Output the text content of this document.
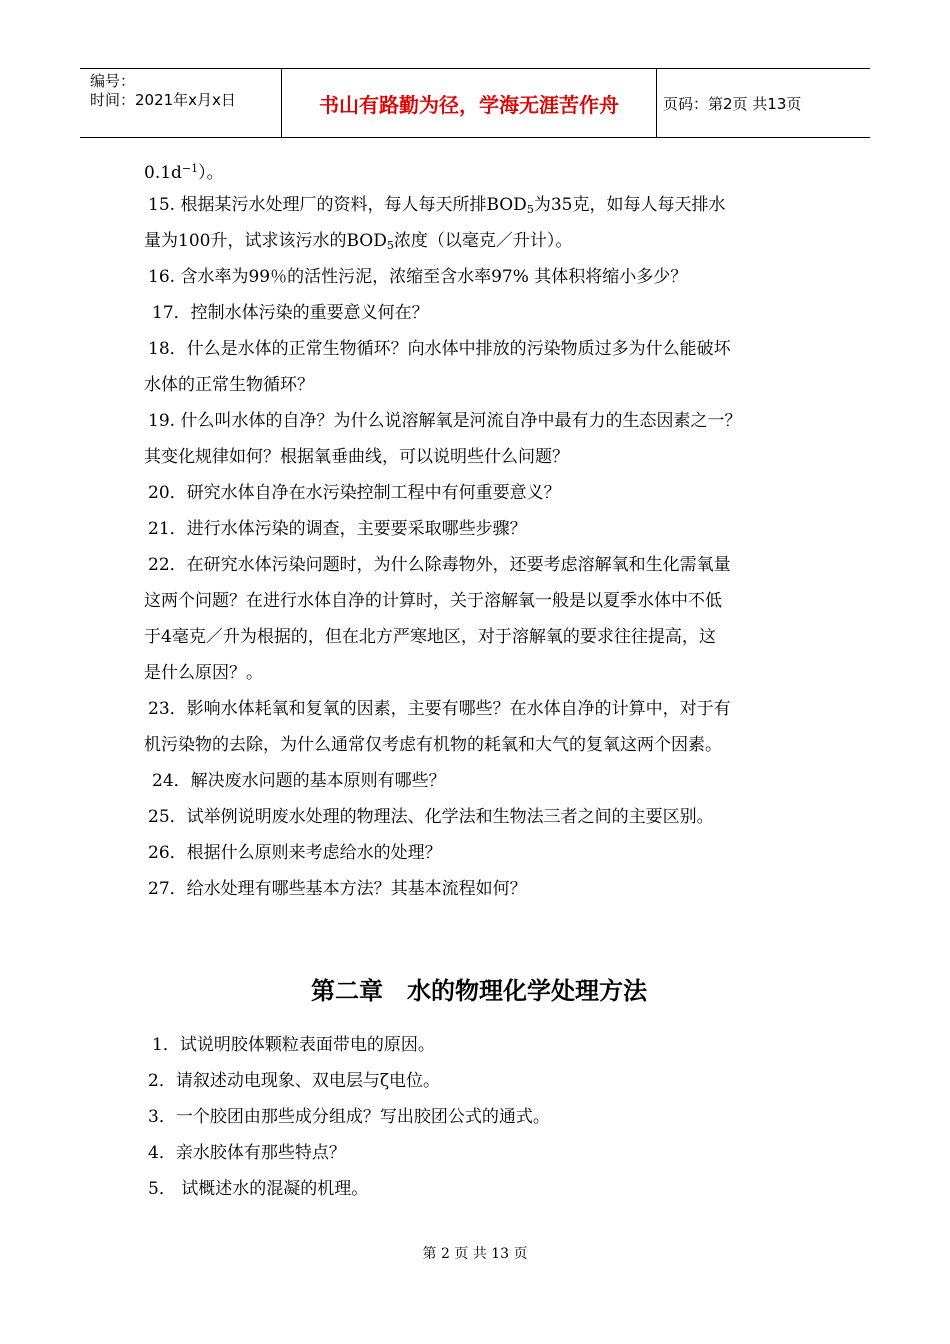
编号：
时间：2021年x月x日	书山有路勤为径，学海无涯苦作舟	页码：第2页 共13页
$0.1d^{-1}$）。
15. 根据某污水处理厂的资料，每人每天所排$BOD_5$为35克，如每人每天排水
量为100升，试求该污水的$BOD_5$浓度（以毫克／升计）。
16. 含水率为99％的活性污泥，浓缩至含水率97% 其体积将缩小多少？
17．控制水体污染的重要意义何在？
18．什么是水体的正常生物循环？向水体中排放的污染物质过多为什么能破坏
水体的正常生物循环？
19. 什么叫水体的自净？为什么说溶解氧是河流自净中最有力的生态因素之一？
其变化规律如何？根据氧垂曲线，可以说明些什么问题？
20．研究水体自净在水污染控制工程中有何重要意义？
21．进行水体污染的调查，主要要采取哪些步骤？
22．在研究水体污染问题时，为什么除毒物外，还要考虑溶解氧和生化需氧量
这两个问题？在进行水体自净的计算时，关于溶解氧一般是以夏季水体中不低
于4毫克／升为根据的，但在北方严寒地区，对于溶解氧的要求往往提高，这
是什么原因？。
23．影响水体耗氧和复氧的因素，主要有哪些？在水体自净的计算中，对于有
机污染物的去除，为什么通常仅考虑有机物的耗氧和大气的复氧这两个因素。
24．解决废水问题的基本原则有哪些？
25．试举例说明废水处理的物理法、化学法和生物法三者之间的主要区别。
26．根据什么原则来考虑给水的处理？
27．给水处理有哪些基本方法？其基本流程如何？
第二章　水的物理化学处理方法
1．试说明胶体颗粒表面带电的原因。
2．请叙述动电现象、双电层与ζ电位。
3．一个胶团由那些成分组成？写出胶团公式的通式。
4．亲水胶体有那些特点？
5． 试概述水的混凝的机理。
第 2 页 共 13 页
